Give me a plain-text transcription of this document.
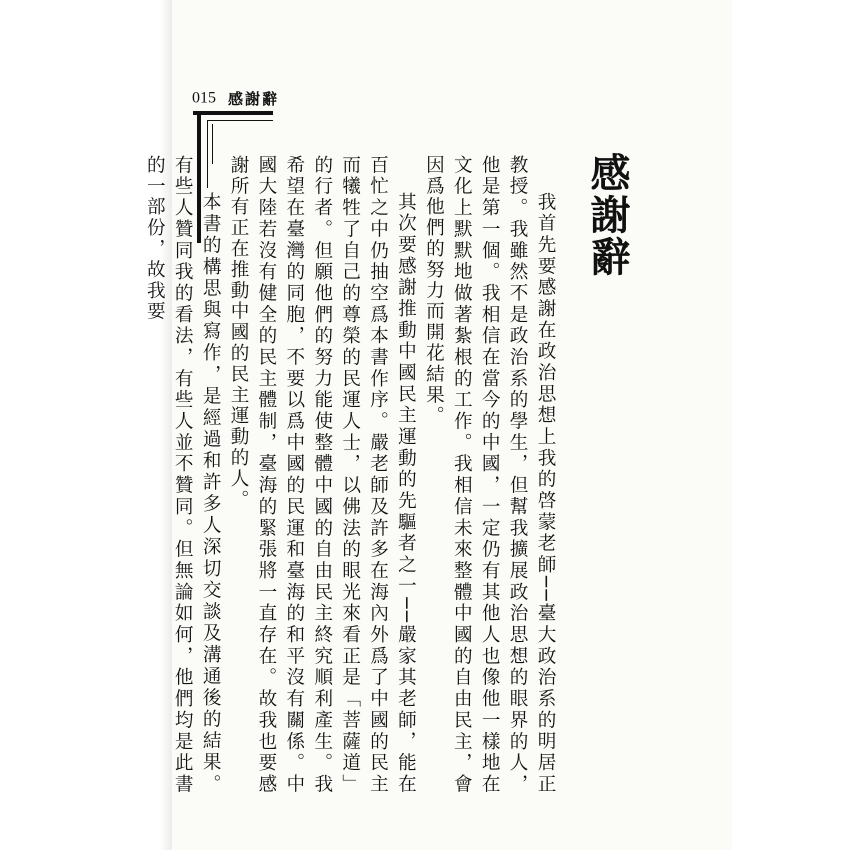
015 感謝辭
感謝辭

我首先要感謝在政治思想上我的啓蒙老師──臺大政治系的明居正教授。我雖然不是政治系的學生，但幫我擴展政治思想的眼界的人，他是第一個。我相信在當今的中國，一定仍有其他人也像他一樣地在文化上默默地做著紮根的工作。我相信未來整體中國的自由民主，會因爲他們的努力而開花結果。

其次要感謝推動中國民主運動的先驅者之一──嚴家其老師，能在百忙之中仍抽空爲本書作序。嚴老師及許多在海內外爲了中國的民主而犧牲了自己的尊榮的民運人士，以佛法的眼光來看正是「菩薩道」的行者。但願他們的努力能使整體中國的自由民主終究順利產生。我希望在臺灣的同胞，不要以爲中國的民運和臺海的和平沒有關係。中國大陸若沒有健全的民主體制，臺海的緊張將一直存在。故我也要感謝所有正在推動中國的民主運動的人。

本書的構思與寫作，是經過和許多人深切交談及溝通後的結果。有些人贊同我的看法，有些人並不贊同。但無論如何，他們均是此書的一部份，故我要
